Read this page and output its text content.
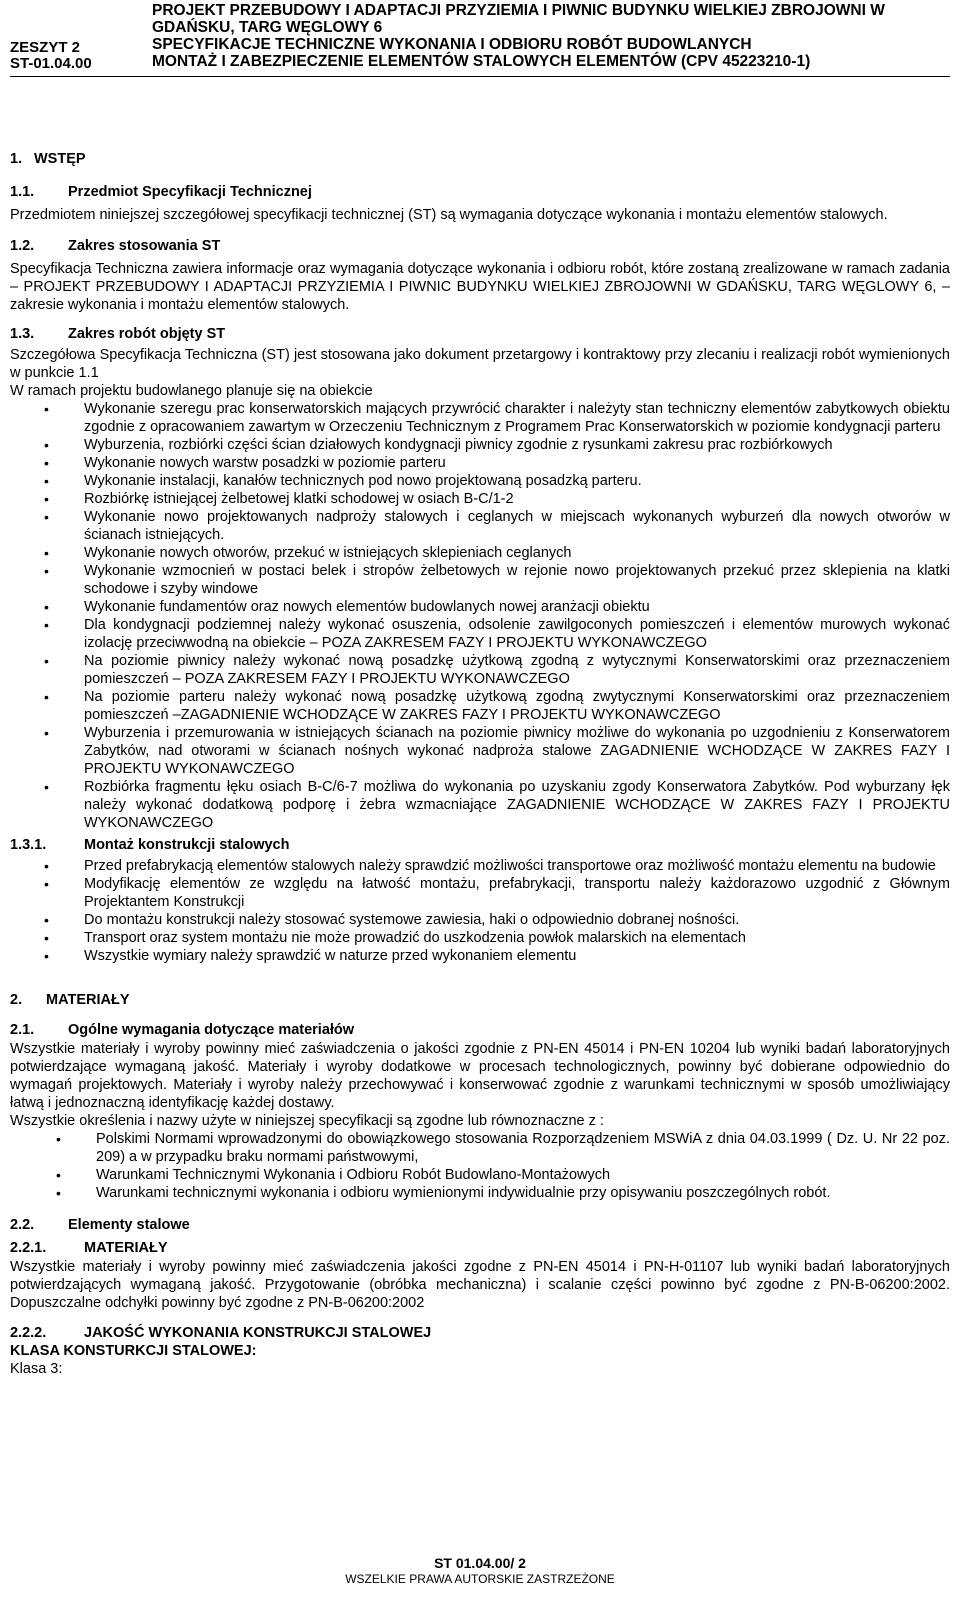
ZESZYT 2
ST-01.04.00
PROJEKT PRZEBUDOWY I ADAPTACJI PRZYZIEMIA I PIWNIC BUDYNKU WIELKIEJ ZBROJOWNI W
GDAŃSKU, TARG WĘGLOWY 6
SPECYFIKACJE TECHNICZNE WYKONANIA I ODBIORU ROBÓT BUDOWLANYCH
MONTAŻ I ZABEZPIECZENIE ELEMENTÓW STALOWYCH ELEMENTÓW (CPV 45223210-1)
1. WSTĘP
1.1. Przedmiot Specyfikacji Technicznej

Przedmiotem niniejszej szczegółowej specyfikacji technicznej (ST) są wymagania dotyczące wykonania i montażu elementów stalowych.

1.2. Zakres stosowania ST

Specyfikacja Techniczna zawiera informacje oraz wymagania dotyczące wykonania i odbioru robót, które zostaną zrealizowane w ramach zadania – PROJEKT PRZEBUDOWY I ADAPTACJI PRZYZIEMIA I PIWNIC BUDYNKU WIELKIEJ ZBROJOWNI W GDAŃSKU, TARG WĘGLOWY 6, – zakresie wykonania i montażu elementów stalowych.

1.3. Zakres robót objęty ST

Szczegółowa Specyfikacja Techniczna (ST) jest stosowana jako dokument przetargowy i kontraktowy przy zlecaniu i realizacji robót wymienionych w punkcie 1.1

W ramach projektu budowlanego planuje się na obiekcie

• Wykonanie szeregu prac konserwatorskich mających przywrócić charakter i należyty stan techniczny elementów zabytkowych obiektu zgodnie z opracowaniem zawartym w Orzeczeniu Technicznym z Programem Prac Konserwatorskich w poziomie kondygnacji parteru
• Wyburzenia, rozbiórki części ścian działowych kondygnacji piwnicy zgodnie z rysunkami zakresu prac rozbiórkowych
• Wykonanie nowych warstw posadzki w poziomie parteru
• Wykonanie instalacji, kanałów technicznych pod nowo projektowaną posadzką parteru.
• Rozbiórkę istniejącej żelbetowej klatki schodowej w osiach B-C/1-2
• Wykonanie nowo projektowanych nadproży stalowych i ceglanych w miejscach wykonanych wyburzeń dla nowych otworów w ścianach istniejących.
• Wykonanie nowych otworów, przekuć w istniejących sklepieniach ceglanych
• Wykonanie wzmocnień w postaci belek i stropów żelbetowych w rejonie nowo projektowanych przekuć przez sklepienia na klatki schodowe i szyby windowe
• Wykonanie fundamentów oraz nowych elementów budowlanych nowej aranżacji obiektu
• Dla kondygnacji podziemnej należy wykonać osuszenia, odsolenie zawilgoconych pomieszczeń i elementów murowych wykonać izolację przeciwwodną na obiekcie – POZA ZAKRESEM FAZY I PROJEKTU WYKONAWCZEGO
• Na poziomie piwnicy należy wykonać nową posadzkę użytkową zgodną z wytycznymi Konserwatorskimi oraz przeznaczeniem pomieszczeń – POZA ZAKRESEM FAZY I PROJEKTU WYKONAWCZEGO
• Na poziomie parteru należy wykonać nową posadzkę użytkową zgodną zwytycznymi Konserwatorskimi oraz przeznaczeniem pomieszczeń –ZAGADNIENIE WCHODZĄCE W ZAKRES FAZY I PROJEKTU WYKONAWCZEGO
• Wyburzenia i przemurowania w istniejących ścianach na poziomie piwnicy możliwe do wykonania po uzgodnieniu z Konserwatorem Zabytków, nad otworami w ścianach nośnych wykonać nadproża stalowe ZAGADNIENIE WCHODZĄCE W ZAKRES FAZY I PROJEKTU WYKONAWCZEGO
• Rozbiórka fragmentu łęku osiach B-C/6-7 możliwa do wykonania po uzyskaniu zgody Konserwatora Zabytków. Pod wyburzany łęk należy wykonać dodatkową podporę i żebra wzmacniające ZAGADNIENIE WCHODZĄCE W ZAKRES FAZY I PROJEKTU WYKONAWCZEGO
1.3.1.	Montaż konstrukcji stalowych
• Przed prefabrykacją elementów stalowych należy sprawdzić możliwości transportowe oraz możliwość montażu elementu na budowie
• Modyfikację elementów ze względu na łatwość montażu, prefabrykacji, transportu należy każdorazowo uzgodnić z Głównym Projektantem Konstrukcji
• Do montażu konstrukcji należy stosować systemowe zawiesia, haki o odpowiednio dobranej nośności.
• Transport oraz system montażu nie może prowadzić do uszkodzenia powłok malarskich na elementach
• Wszystkie wymiary należy sprawdzić w naturze przed wykonaniem elementu
2. MATERIAŁY
2.1. Ogólne wymagania dotyczące materiałów

Wszystkie materiały i wyroby powinny mieć zaświadczenia o jakości zgodnie z PN-EN 45014 i PN-EN 10204 lub wyniki badań laboratoryjnych potwierdzające wymaganą jakość. Materiały i wyroby dodatkowe w procesach technologicznych, powinny być dobierane odpowiednio do wymagań projektowych. Materiały i wyroby należy przechowywać i konserwować zgodnie z warunkami technicznymi w sposób umożliwiający łatwą i jednoznaczną identyfikację każdej dostawy.

Wszystkie określenia i nazwy użyte w niniejszej specyfikacji są zgodne lub równoznaczne z :

• Polskimi Normami wprowadzonymi do obowiązkowego stosowania Rozporządzeniem MSWiA z dnia 04.03.1999 ( Dz. U. Nr 22 poz. 209) a w przypadku braku normami państwowymi,
• Warunkami Technicznymi Wykonania i Odbioru Robót Budowlano-Montażowych
• Warunkami technicznymi wykonania i odbioru wymienionymi indywidualnie przy opisywaniu poszczególnych robót.
2.2. Elementy stalowe
2.2.1.	MATERIAŁY

Wszystkie materiały i wyroby powinny mieć zaświadczenia jakości zgodne z PN-EN 45014 i PN-H-01107 lub wyniki badań laboratoryjnych potwierdzających wymaganą jakość. Przygotowanie (obróbka mechaniczna) i scalanie części powinno być zgodne z PN-B-06200:2002. Dopuszczalne odchyłki powinny być zgodne z PN-B-06200:2002

2.2.2.	JAKOŚĆ WYKONANIA KONSTRUKCJI STALOWEJ
KLASA KONSTURKCJI STALOWEJ:

Klasa 3:

ST 01.04.00/ 2
WSZELKIE PRAWA AUTORSKIE ZASTRZEŻONE
